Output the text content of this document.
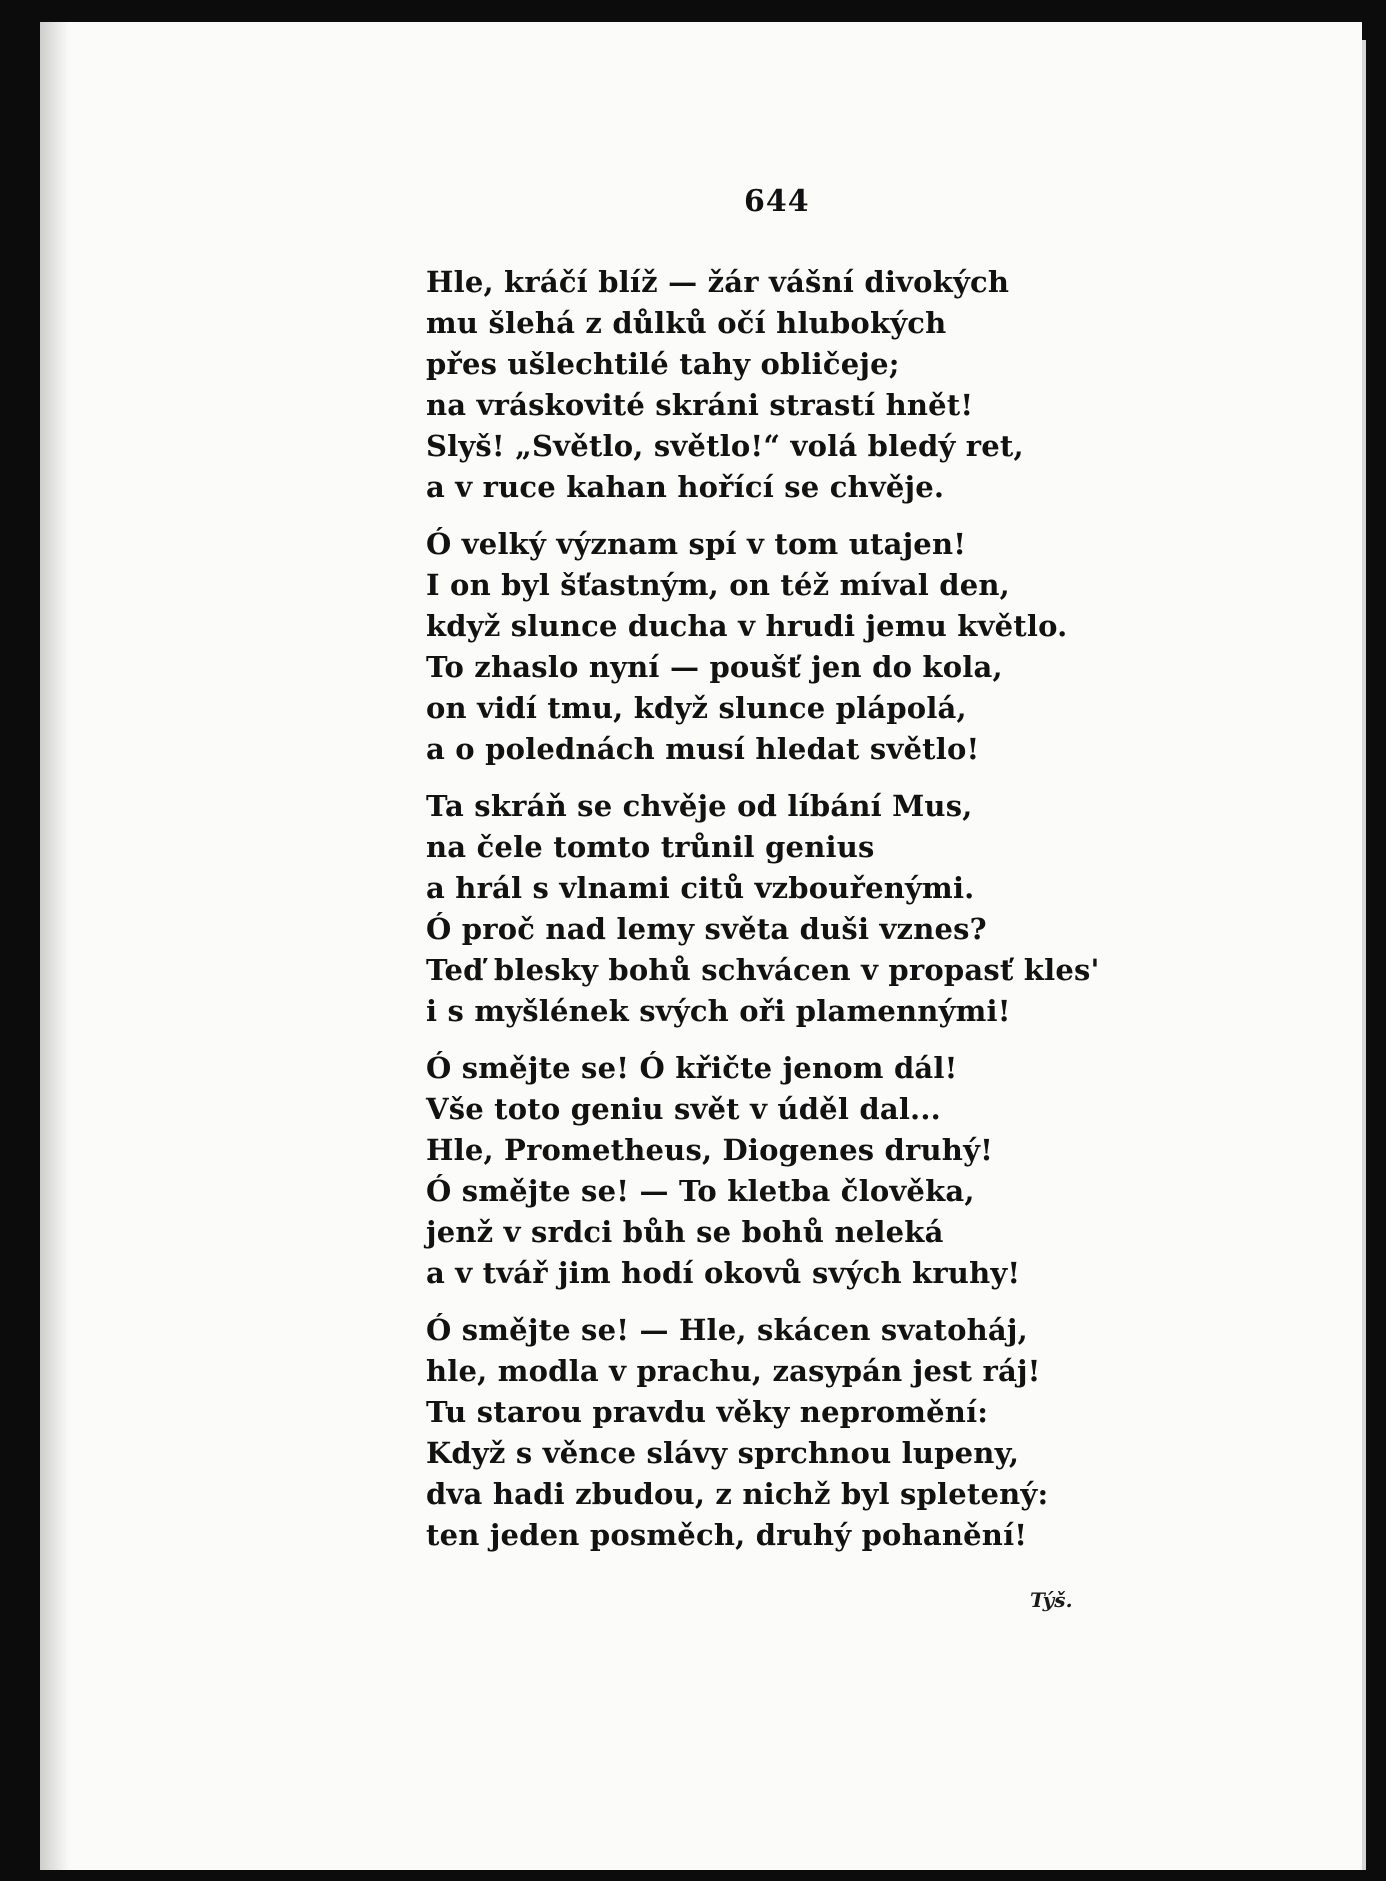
644
Hle, kráčí blíž — žár vášní divokých
mu šlehá z důlků očí hlubokých
přes ušlechtilé tahy obličeje;
na vráskovité skráni strastí hnět!
Slyš! „Světlo, světlo!“ volá bledý ret,
a v ruce kahan hořící se chvěje.
Ó velký význam spí v tom utajen!
I on byl šťastným, on též míval den,
když slunce ducha v hrudi jemu květlo.
To zhaslo nyní — poušť jen do kola,
on vidí tmu, když slunce plápolá,
a o polednách musí hledat světlo!
Ta skráň se chvěje od líbání Mus,
na čele tomto trůnil genius
a hrál s vlnami citů vzbouřenými.
Ó proč nad lemy světa duši vznes?
Teď blesky bohů schvácen v propasť kles'
i s myšlének svých oři plamennými!
Ó smějte se! Ó křičte jenom dál!
Vše toto geniu svět v úděl dal...
Hle, Prometheus, Diogenes druhý!
Ó smějte se! — To kletba člověka,
jenž v srdci bůh se bohů neleká
a v tvář jim hodí okovů svých kruhy!
Ó smějte se! — Hle, skácen svatoháj,
hle, modla v prachu, zasypán jest ráj!
Tu starou pravdu věky nepromění:
Když s věnce slávy sprchnou lupeny,
dva hadi zbudou, z nichž byl spletený:
ten jeden posměch, druhý pohanění!
Týš.
